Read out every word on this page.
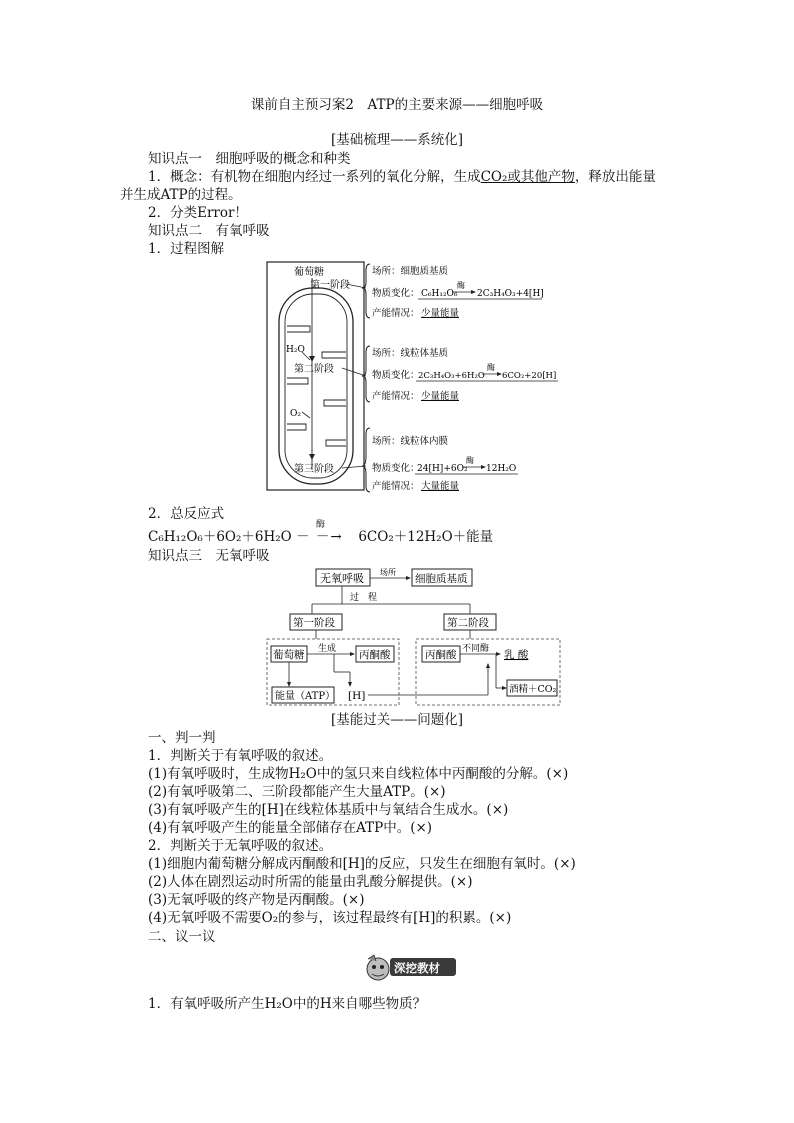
课前自主预习案2　ATP的主要来源——细胞呼吸
[基础梳理——系统化]
知识点一　细胞呼吸的概念和种类
1．概念：有机物在细胞内经过一系列的氧化分解，生成CO₂或其他产物，释放出能量
并生成ATP的过程。
2．分类Error！
知识点二　有氧呼吸
1．过程图解
葡萄糖
第一阶段
H₂O
第二阶段
O₂
第三阶段
场所：细胞质基质
物质变化： C₆H₁₂O₆
酶
2C₃H₄O₃+4[H]
产能情况： 少量能量
场所：线粒体基质
物质变化：
2C₃H₄O₃+6H₂O
酶
6CO₂+20[H]
产能情况： 少量能量
场所：线粒体内膜
物质变化：
24[H]+6O₂
酶
12H₂O
产能情况： 大量能量
2．总反应式
C₆H₁₂O₆＋6O₂＋6H₂O
酶
－ －→ 6CO₂＋12H₂O＋能量
知识点三　无氧呼吸
无氧呼吸 场所
细胞质基质
过　程
第一阶段	第二阶段
葡萄糖 生成 丙酮酸
能量（ATP） [H]
丙酮酸 不同酶 乳 酸
酒精＋CO₂
[基能过关——问题化]
一、判一判
1．判断关于有氧呼吸的叙述。
(1)有氧呼吸时，生成物H₂O中的氢只来自线粒体中丙酮酸的分解。(×)
(2)有氧呼吸第二、三阶段都能产生大量ATP。(×)
(3)有氧呼吸产生的[H]在线粒体基质中与氧结合生成水。(×)
(4)有氧呼吸产生的能量全部储存在ATP中。(×)
2．判断关于无氧呼吸的叙述。
(1)细胞内葡萄糖分解成丙酮酸和[H]的反应，只发生在细胞有氧时。(×)
(2)人体在剧烈运动时所需的能量由乳酸分解提供。(×)
(3)无氧呼吸的终产物是丙酮酸。(×)
(4)无氧呼吸不需要O₂的参与，该过程最终有[H]的积累。(×)
二、议一议
深挖教材
1．有氧呼吸所产生H₂O中的H来自哪些物质？
